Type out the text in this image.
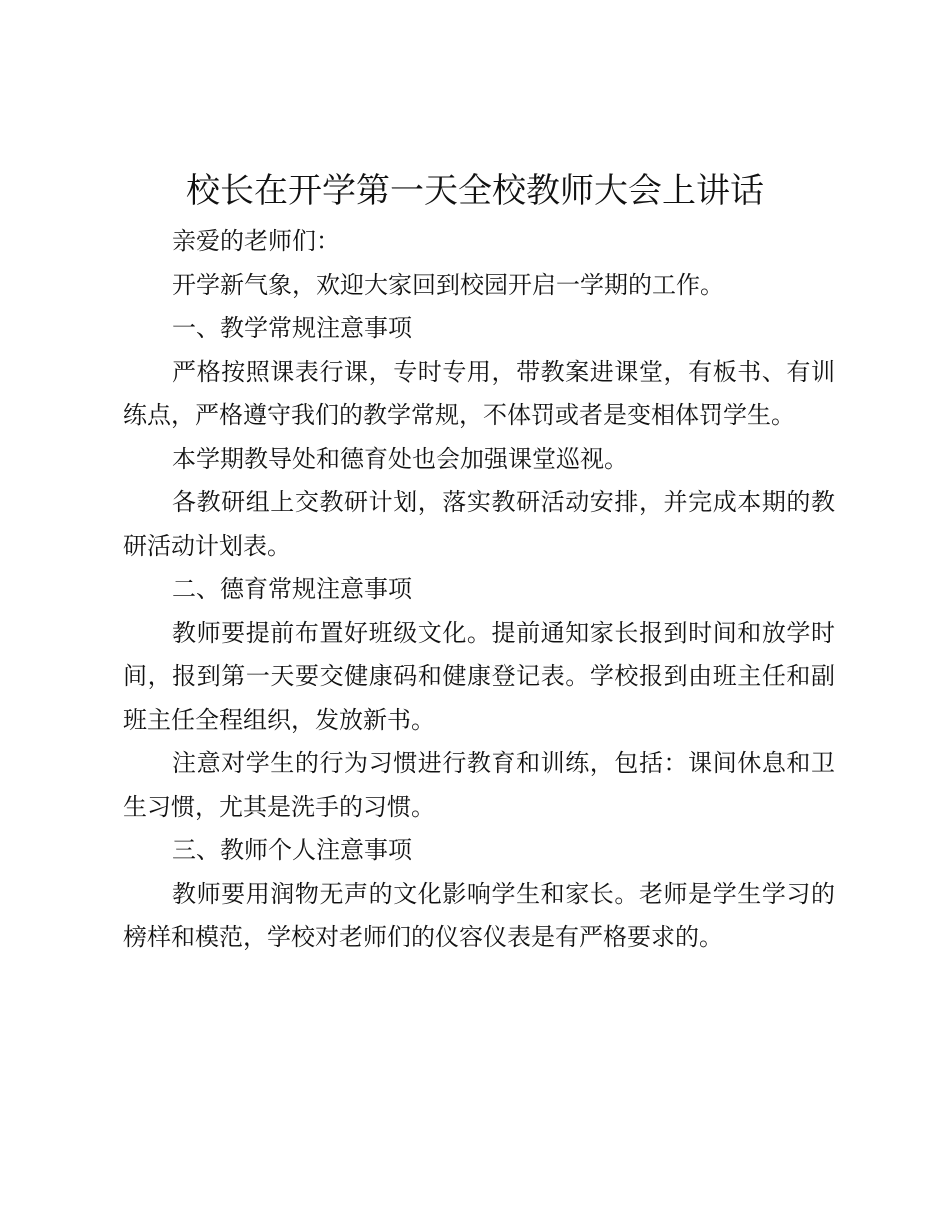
校长在开学第一天全校教师大会上讲话

亲爱的老师们：

开学新气象，欢迎大家回到校园开启一学期的工作。

一、教学常规注意事项

严格按照课表行课，专时专用，带教案进课堂，有板书、有训练点，严格遵守我们的教学常规，不体罚或者是变相体罚学生。

本学期教导处和德育处也会加强课堂巡视。

各教研组上交教研计划，落实教研活动安排，并完成本期的教研活动计划表。

二、德育常规注意事项

教师要提前布置好班级文化。提前通知家长报到时间和放学时间，报到第一天要交健康码和健康登记表。学校报到由班主任和副班主任全程组织，发放新书。

注意对学生的行为习惯进行教育和训练，包括：课间休息和卫生习惯，尤其是洗手的习惯。

三、教师个人注意事项

教师要用润物无声的文化影响学生和家长。老师是学生学习的榜样和模范，学校对老师们的仪容仪表是有严格要求的。
